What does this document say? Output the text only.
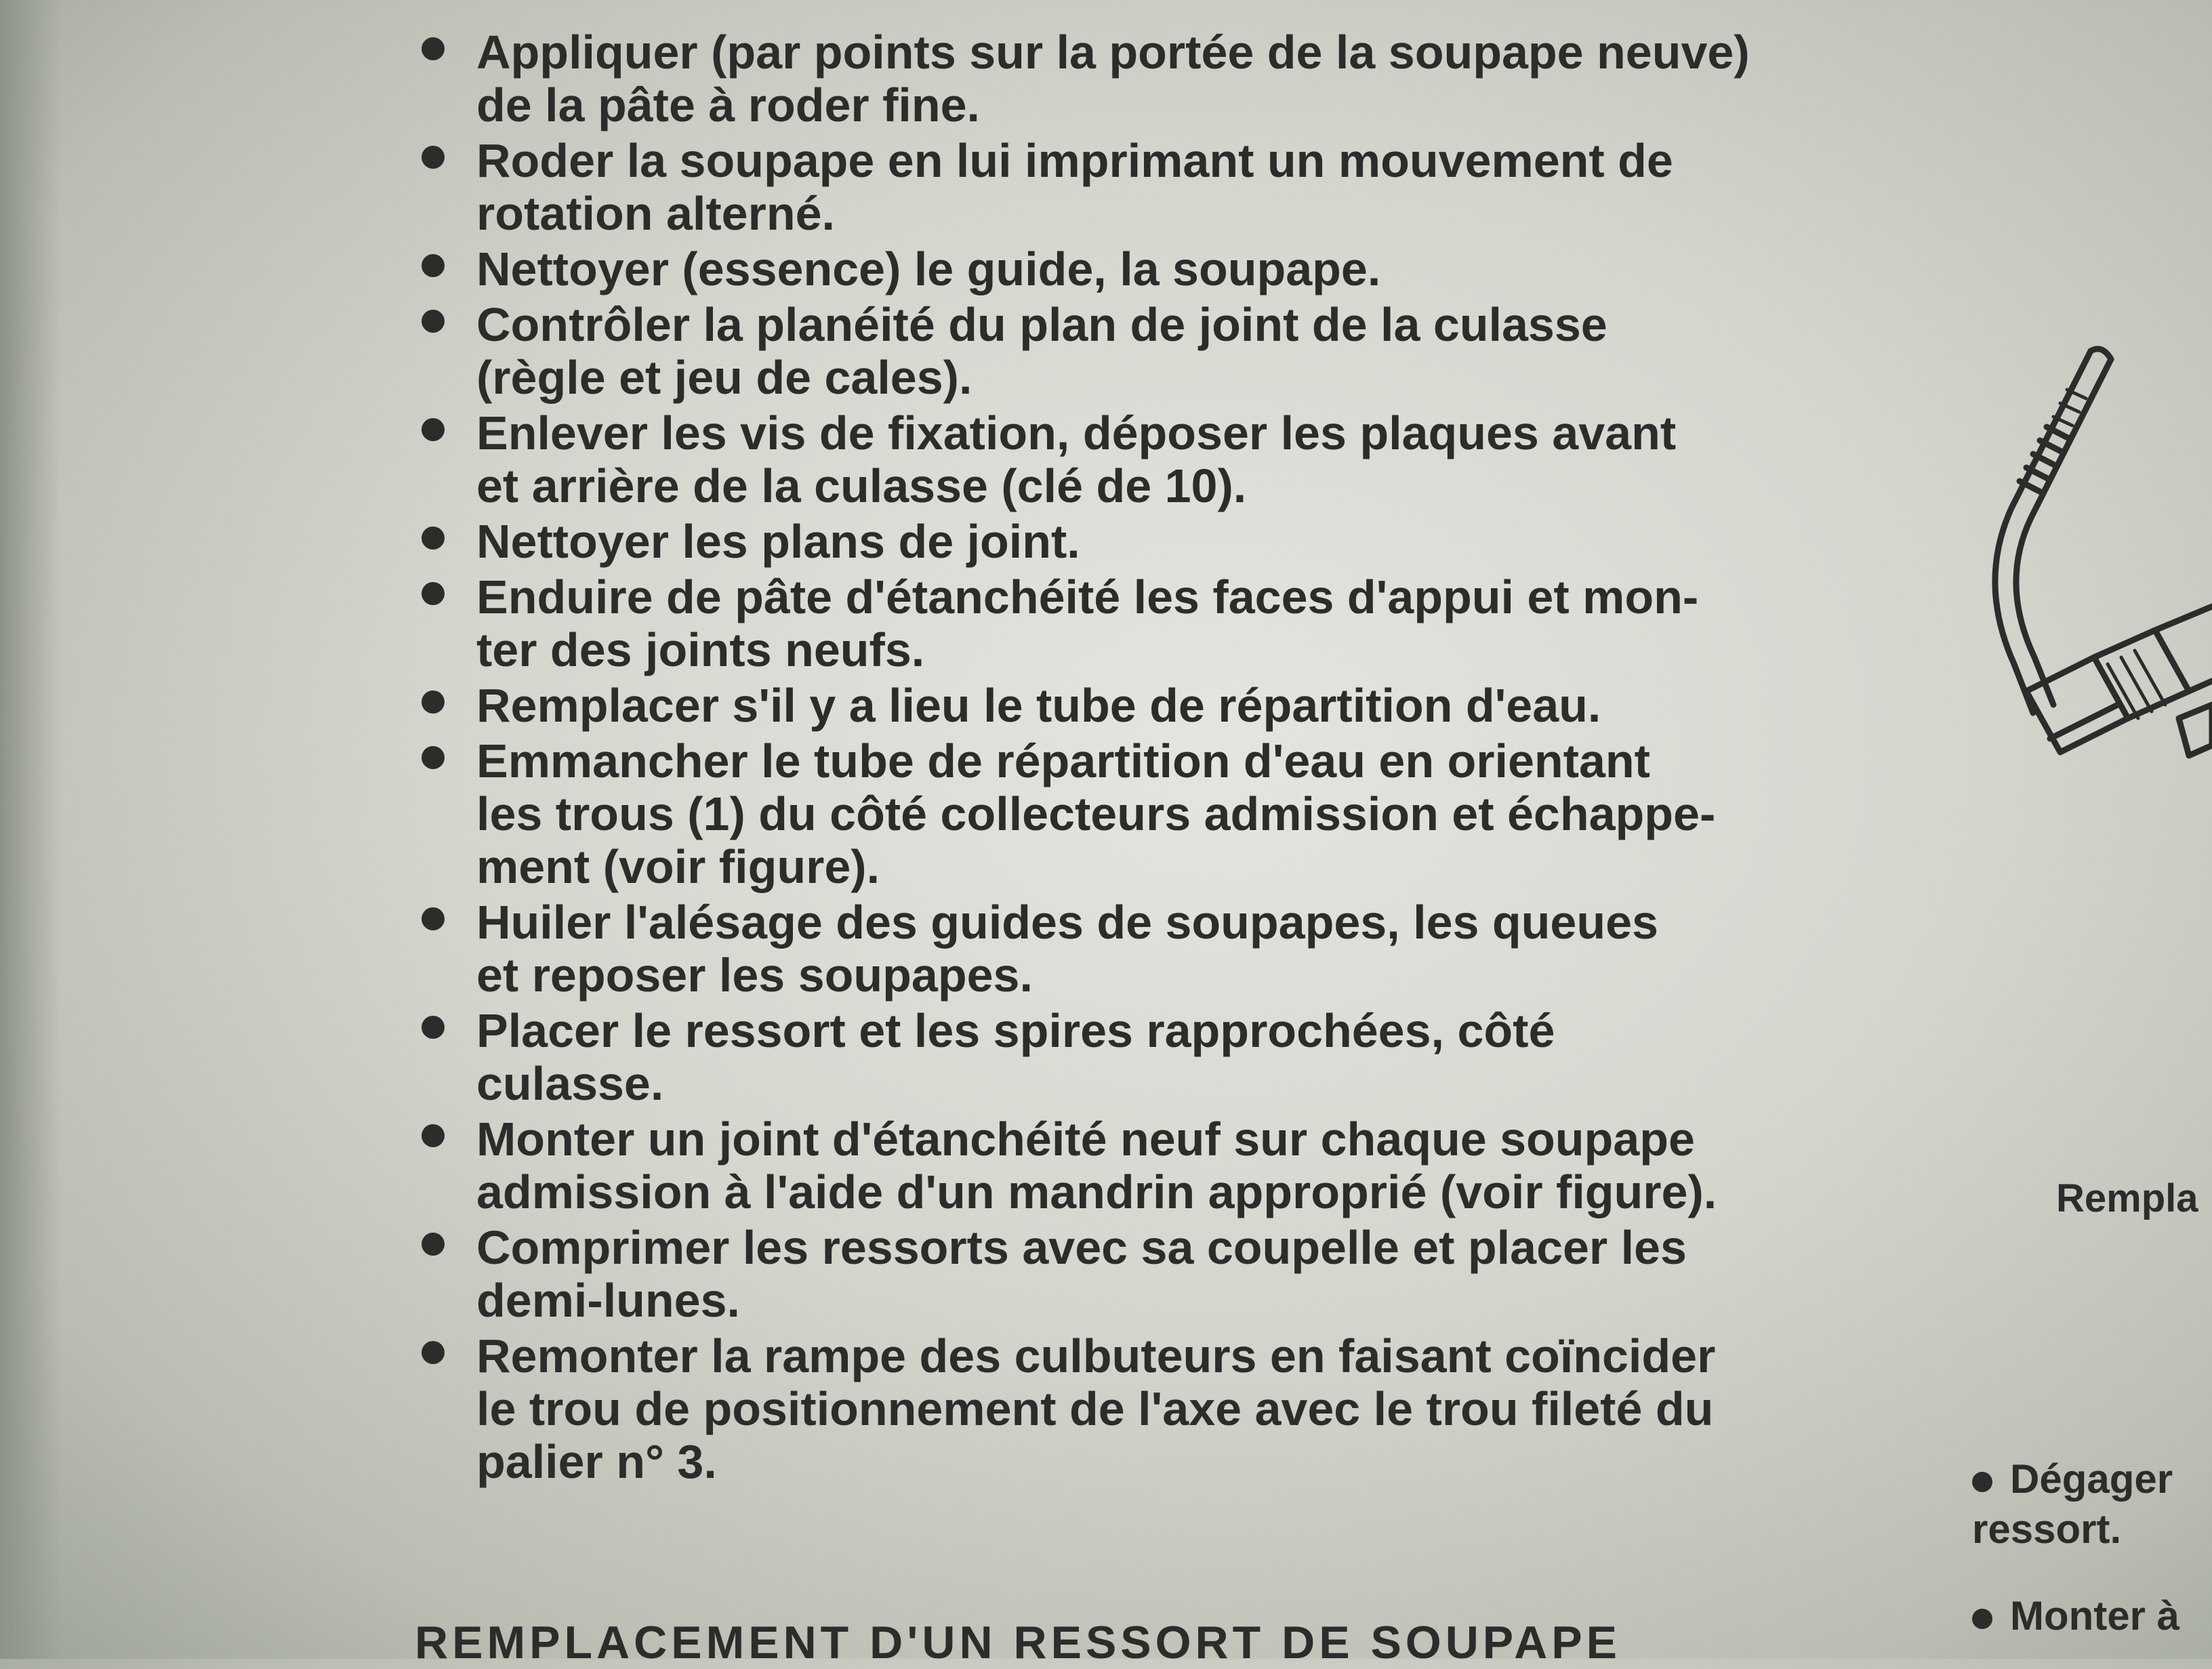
Appliquer (par points sur la portée de la soupape neuve)
de la pâte à roder fine.
Roder la soupape en lui imprimant un mouvement de
rotation alterné.
Nettoyer (essence) le guide, la soupape.
Contrôler la planéité du plan de joint de la culasse
(règle et jeu de cales).
Enlever les vis de fixation, déposer les plaques avant
et arrière de la culasse (clé de 10).
Nettoyer les plans de joint.
Enduire de pâte d'étanchéité les faces d'appui et mon-
ter des joints neufs.
Remplacer s'il y a lieu le tube de répartition d'eau.
Emmancher le tube de répartition d'eau en orientant
les trous (1) du côté collecteurs admission et échappe-
ment (voir figure).
Huiler l'alésage des guides de soupapes, les queues
et reposer les soupapes.
Placer le ressort et les spires rapprochées, côté
culasse.
Monter un joint d'étanchéité neuf sur chaque soupape
admission à l'aide d'un mandrin approprié (voir figure).
Comprimer les ressorts avec sa coupelle et placer les
demi-lunes.
Remonter la rampe des culbuteurs en faisant coïncider
le trou de positionnement de l'axe avec le trou fileté du
palier n° 3.
REMPLACEMENT D'UN RESSORT DE SOUPAPE
Rempla
Dégager
ressort.
Monter à
